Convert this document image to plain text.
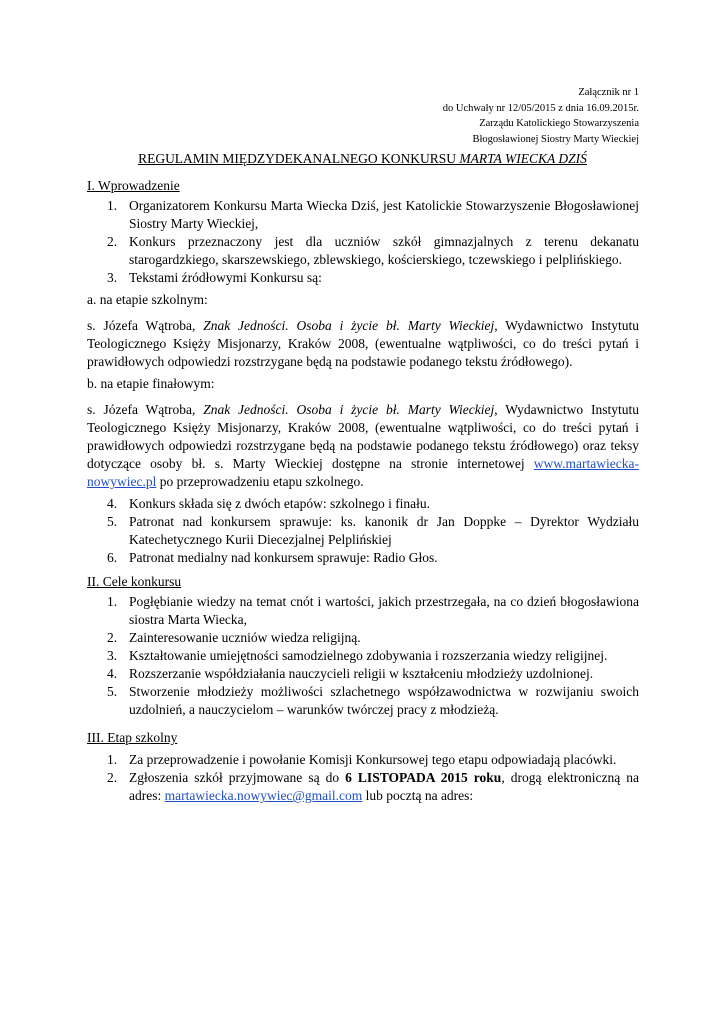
Załącznik nr 1
do Uchwały nr 12/05/2015 z dnia 16.09.2015r.
Zarządu Katolickiego Stowarzyszenia
Błogosławionej Siostry Marty Wieckiej
REGULAMIN MIĘDZYDEKANALNEGO KONKURSU MARTA WIECKA DZIŚ
I. Wprowadzenie
1. Organizatorem Konkursu Marta Wiecka Dziś, jest Katolickie Stowarzyszenie Błogosławionej Siostry Marty Wieckiej,
2. Konkurs przeznaczony jest dla uczniów szkół gimnazjalnych z terenu dekanatu starogardzkiego, skarszewskiego, zblewskiego, kościerskiego, tczewskiego i pelplińskiego.
3. Tekstami źródłowymi Konkursu są:

a. na etapie szkolnym:

s. Józefa Wątroba, Znak Jedności. Osoba i życie bł. Marty Wieckiej, Wydawnictwo Instytutu Teologicznego Księży Misjonarzy, Kraków 2008, (ewentualne wątpliwości, co do treści pytań i prawidłowych odpowiedzi rozstrzygane będą na podstawie podanego tekstu źródłowego).

b. na etapie finałowym:

s. Józefa Wątroba, Znak Jedności. Osoba i życie bł. Marty Wieckiej, Wydawnictwo Instytutu Teologicznego Księży Misjonarzy, Kraków 2008, (ewentualne wątpliwości, co do treści pytań i prawidłowych odpowiedzi rozstrzygane będą na podstawie podanego tekstu źródłowego) oraz teksy dotyczące osoby bł. s. Marty Wieckiej dostępne na stronie internetowej www.martawiecka-nowywiec.pl po przeprowadzeniu etapu szkolnego.

4. Konkurs składa się z dwóch etapów: szkolnego i finału.
5. Patronat nad konkursem sprawuje: ks. kanonik dr Jan Doppke – Dyrektor Wydziału Katechetycznego Kurii Diecezjalnej Pelplińskiej
6. Patronat medialny nad konkursem sprawuje: Radio Głos.
II. Cele konkursu
1. Pogłębianie wiedzy na temat cnót i wartości, jakich przestrzegała, na co dzień błogosławiona siostra Marta Wiecka,
2. Zainteresowanie uczniów wiedza religijną.
3. Kształtowanie umiejętności samodzielnego zdobywania i rozszerzania wiedzy religijnej.
4. Rozszerzanie współdziałania nauczycieli religii w kształceniu młodzieży uzdolnionej.
5. Stworzenie młodzieży możliwości szlachetnego współzawodnictwa w rozwijaniu swoich uzdolnień, a nauczycielom – warunków twórczej pracy z młodzieżą.
III. Etap szkolny
1. Za przeprowadzenie i powołanie Komisji Konkursowej tego etapu odpowiadają placówki.
2. Zgłoszenia szkół przyjmowane są do 6 LISTOPADA 2015 roku, drogą elektroniczną na adres: martawiecka.nowywiec@gmail.com lub pocztą na adres:
